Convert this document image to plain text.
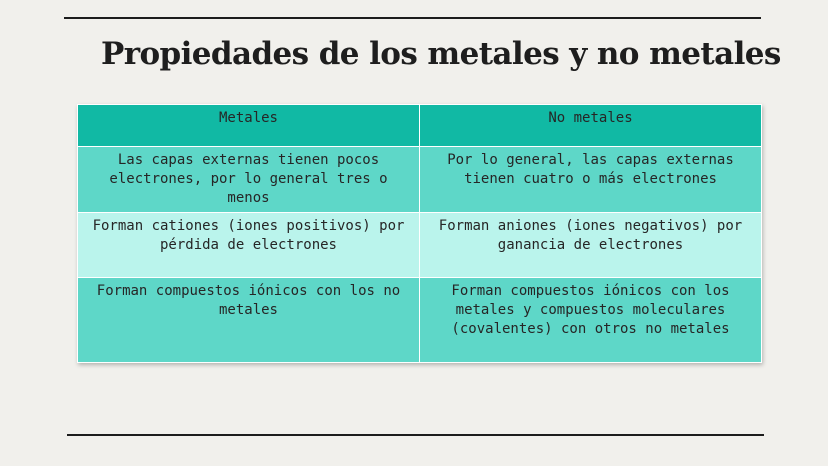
Propiedades de los metales y no metales
Metales	No metales
Las capas externas tienen pocos electrones, por lo general tres o menos	Por lo general, las capas externas tienen cuatro o más electrones
Forman cationes (iones positivos) por pérdida de electrones	Forman aniones (iones negativos) por ganancia de electrones
Forman compuestos iónicos con los no metales	Forman compuestos iónicos con los metales y compuestos moleculares (covalentes) con otros no metales
